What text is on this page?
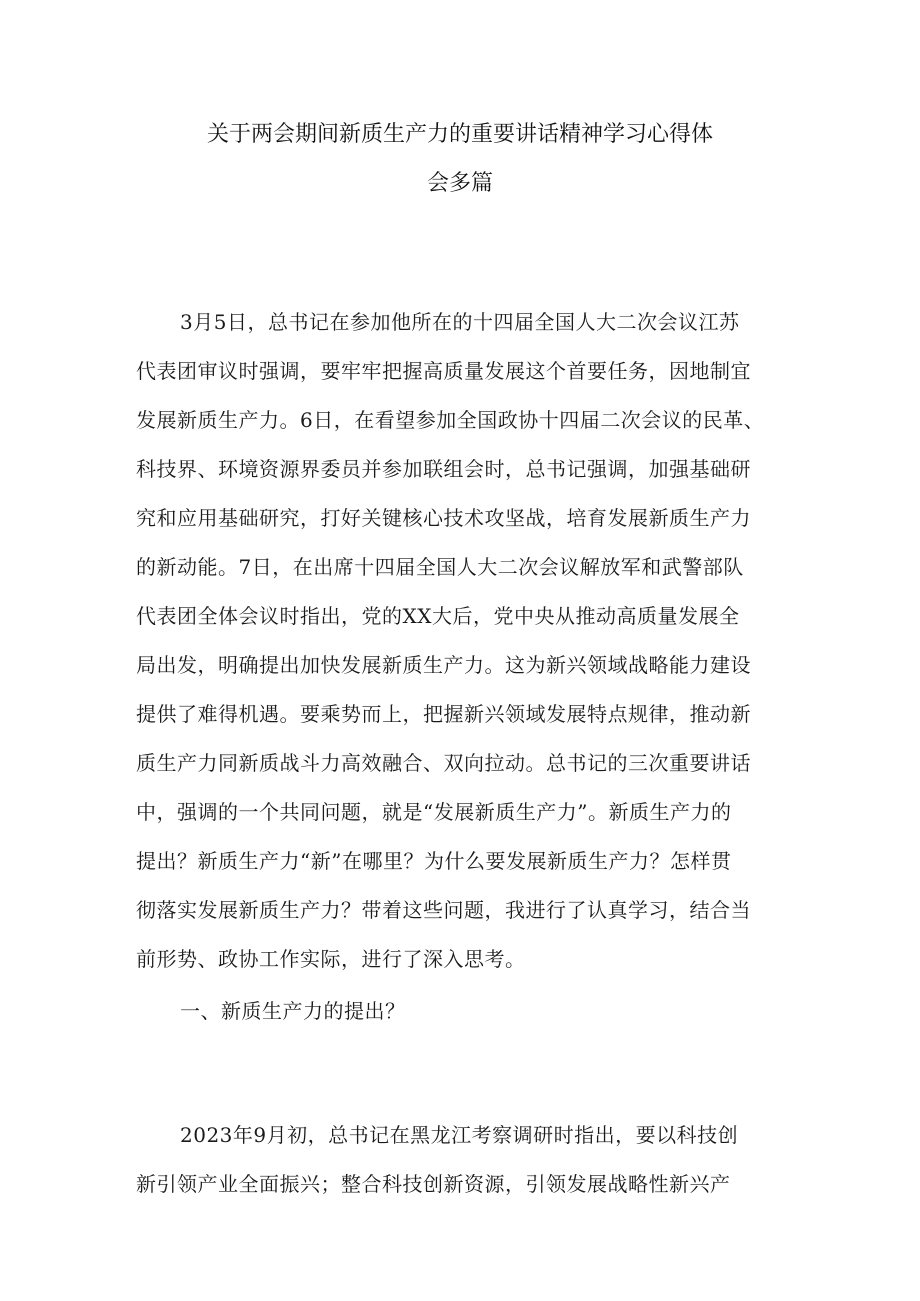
关于两会期间新质生产力的重要讲话精神学习心得体
会多篇
3月5日，总书记在参加他所在的十四届全国人大二次会议江苏
代表团审议时强调，要牢牢把握高质量发展这个首要任务，因地制宜
发展新质生产力。6日，在看望参加全国政协十四届二次会议的民革、
科技界、环境资源界委员并参加联组会时，总书记强调，加强基础研
究和应用基础研究，打好关键核心技术攻坚战，培育发展新质生产力
的新动能。7日，在出席十四届全国人大二次会议解放军和武警部队
代表团全体会议时指出，党的XX大后，党中央从推动高质量发展全
局出发，明确提出加快发展新质生产力。这为新兴领域战略能力建设
提供了难得机遇。要乘势而上，把握新兴领域发展特点规律，推动新
质生产力同新质战斗力高效融合、双向拉动。总书记的三次重要讲话
中，强调的一个共同问题，就是“发展新质生产力”。新质生产力的
提出？新质生产力“新”在哪里？为什么要发展新质生产力？怎样贯
彻落实发展新质生产力？带着这些问题，我进行了认真学习，结合当
前形势、政协工作实际，进行了深入思考。
一、新质生产力的提出？
2023年9月初，总书记在黑龙江考察调研时指出，要以科技创
新引领产业全面振兴；整合科技创新资源，引领发展战略性新兴产
